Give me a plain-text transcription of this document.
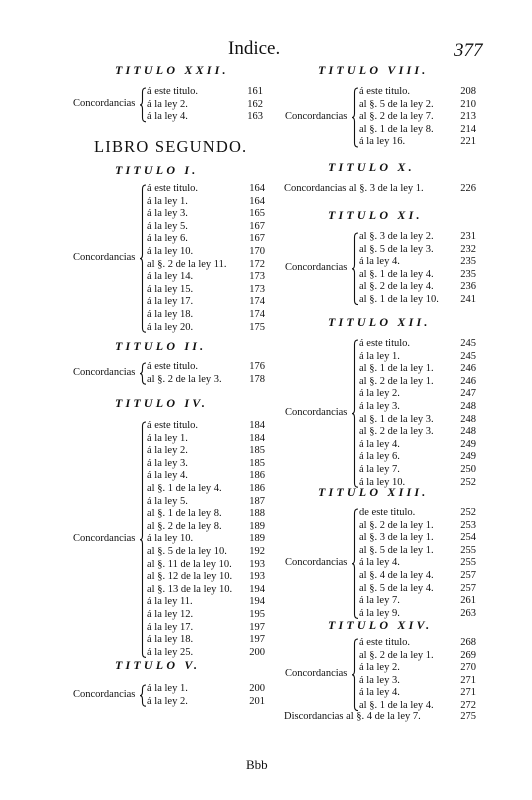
Indice.	377
TITULO XXII.
LIBRO SEGUNDO.
TITULO I.
TITULO II.
TITULO IV.
TITULO V.
TITULO VIII.
TITULO X.
TITULO XI.
TITULO XII.
TITULO XIII.
TITULO XIV.
Concordancias
á este titulo.	161
á la ley 2.	162
á la ley 4.	163
Concordancias
á este titulo.	164
á la ley 1.	164
á la ley 3.	165
á la ley 5.	167
á la ley 6.	167
á la ley 10.	170
al §. 2 de la ley 11.	172
á la ley 14.	173
á la ley 15.	173
á la ley 17.	174
á la ley 18.	174
á la ley 20.	175
Concordancias
á este titulo.	176
al §. 2 de la ley 3.	178
Concordancias
á este titulo.	184
á la ley 1.	184
á la ley 2.	185
á la ley 3.	185
á la ley 4.	186
al §. 1 de la ley 4.	186
á la ley 5.	187
al §. 1 de la ley 8.	188
al §. 2 de la ley 8.	189
á la ley 10.	189
al §. 5 de la ley 10.	192
al §. 11 de la ley 10.	193
al §. 12 de la ley 10.	193
al §. 13 de la ley 10.	194
á la ley 11.	194
á la ley 12.	195
á la ley 17.	197
á la ley 18.	197
á la ley 25.	200
Concordancias
á la ley 1.	200
á la ley 2.	201
Concordancias
á este titulo.	208
al §. 5 de la ley 2.	210
al §. 2 de la ley 7.	213
al §. 1 de la ley 8.	214
á la ley 16.	221
Concordancias
al §. 3 de la ley 2.	231
al §. 5 de la ley 3.	232
á la ley 4.	235
al §. 1 de la ley 4.	235
al §. 2 de la ley 4.	236
al §. 1 de la ley 10.	241
Concordancias
á este titulo.	245
á la ley 1.	245
al §. 1 de la ley 1.	246
al §. 2 de la ley 1.	246
á la ley 2.	247
á la ley 3.	248
al §. 1 de la ley 3.	248
al §. 2 de la ley 3.	248
á la ley 4.	249
á la ley 6.	249
á la ley 7.	250
á la ley 10.	252
Concordancias
de este titulo.	252
al §. 2 de la ley 1.	253
al §. 3 de la ley 1.	254
al §. 5 de la ley 1.	255
á la ley 4.	255
al §. 4 de la ley 4.	257
al §. 5 de la ley 4.	257
á la ley 7.	261
á la ley 9.	263
Concordancias
á este titulo.	268
al §. 2 de la ley 1.	269
á la ley 2.	270
á la ley 3.	271
á la ley 4.	271
al §. 1 de la ley 4.	272
Concordancias al §. 3 de la ley 1.	226
Discordancias al §. 4 de la ley 7.	275
Bbb
